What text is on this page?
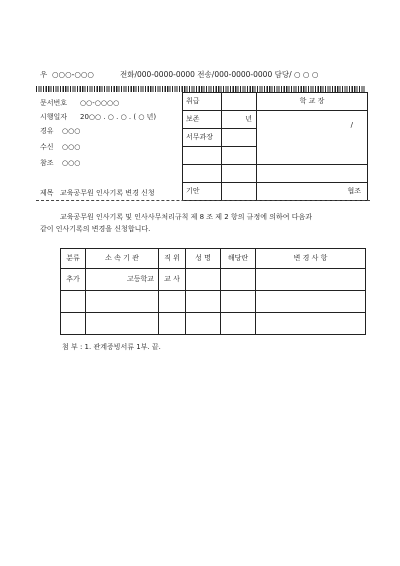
우 ○○○-○○○	전화/000-0000-0000 전송/000-0000-0000 담당/ ○ ○ ○
문서번호 ○○-○○○○
시행일자 20○○ . ○ . ○ . ( ○ 년)
경유 ○○○
수신 ○○○
참조 ○○○
취급		학 교 장
보존	년	/

서무과장		

기안		협조
제목 교육공무원 인사기록 변경 신청
교육공무원 인사기록 및 인사사무처리규칙 제 8 조 제 2 항의 규정에 의하여 다음과
같이 인사기록의 변경을 신청합니다.
분류	소 속 기 관	직 위	성 명	해당란	변 경 사 항
추가	고등학교	교 사			

첨 부 : 1. 관계증빙서류 1부. 끝.
